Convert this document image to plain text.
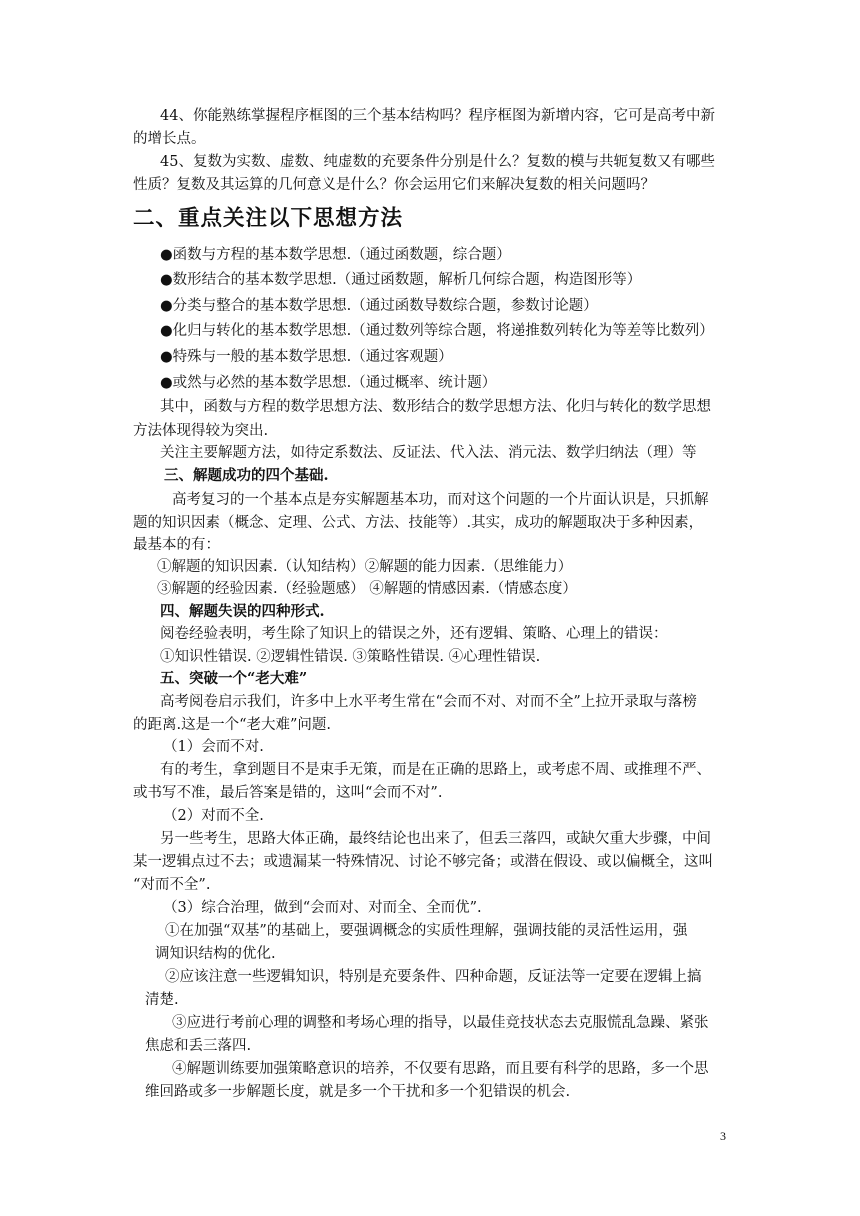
44、你能熟练掌握程序框图的三个基本结构吗？程序框图为新增内容，它可是高考中新
的增长点。
45、复数为实数、虚数、纯虚数的充要条件分别是什么？复数的模与共轭复数又有哪些
性质？复数及其运算的几何意义是什么？你会运用它们来解决复数的相关问题吗？
二、重点关注以下思想方法
●函数与方程的基本数学思想.（通过函数题，综合题）
●数形结合的基本数学思想.（通过函数题，解析几何综合题，构造图形等）
●分类与整合的基本数学思想.（通过函数导数综合题，参数讨论题）
●化归与转化的基本数学思想.（通过数列等综合题，将递推数列转化为等差等比数列）
●特殊与一般的基本数学思想.（通过客观题）
●或然与必然的基本数学思想.（通过概率、统计题）
其中，函数与方程的数学思想方法、数形结合的数学思想方法、化归与转化的数学思想
方法体现得较为突出.
关注主要解题方法，如待定系数法、反证法、代入法、消元法、数学归纳法（理）等
三、解题成功的四个基础.
高考复习的一个基本点是夯实解题基本功，而对这个问题的一个片面认识是，只抓解
题的知识因素（概念、定理、公式、方法、技能等）.其实，成功的解题取决于多种因素，
最基本的有：
①解题的知识因素.（认知结构）②解题的能力因素.（思维能力）
③解题的经验因素.（经验题感） ④解题的情感因素.（情感态度）
四、解题失误的四种形式.
阅卷经验表明，考生除了知识上的错误之外，还有逻辑、策略、心理上的错误：
①知识性错误. ②逻辑性错误. ③策略性错误. ④心理性错误.
五、突破一个“老大难”
高考阅卷启示我们，许多中上水平考生常在“会而不对、对而不全”上拉开录取与落榜
的距离.这是一个“老大难”问题.
（1）会而不对.
有的考生，拿到题目不是束手无策，而是在正确的思路上，或考虑不周、或推理不严、
或书写不准，最后答案是错的，这叫“会而不对”.
（2）对而不全.
另一些考生，思路大体正确，最终结论也出来了，但丢三落四，或缺欠重大步骤，中间
某一逻辑点过不去；或遗漏某一特殊情况、讨论不够完备；或潜在假设、或以偏概全，这叫
“对而不全”.
（3）综合治理，做到“会而对、对而全、全而优”.
①在加强“双基”的基础上，要强调概念的实质性理解，强调技能的灵活性运用，强
调知识结构的优化.
②应该注意一些逻辑知识，特别是充要条件、四种命题，反证法等一定要在逻辑上搞
清楚.
③应进行考前心理的调整和考场心理的指导，以最佳竞技状态去克服慌乱急躁、紧张
焦虑和丢三落四.
④解题训练要加强策略意识的培养，不仅要有思路，而且要有科学的思路，多一个思
维回路或多一步解题长度，就是多一个干扰和多一个犯错误的机会.
3
